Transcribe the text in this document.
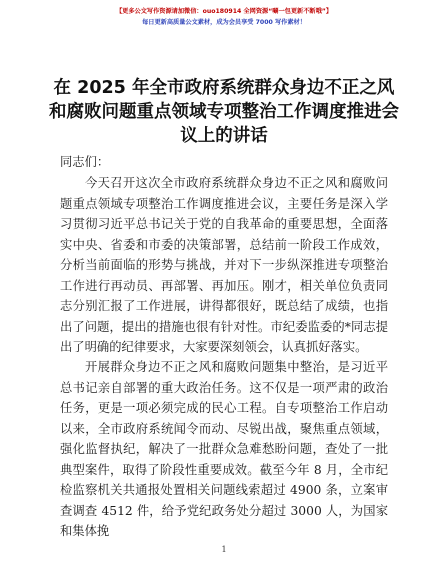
【更多公文写作资源请加微信：ouo180914 全网资源“唰一包更新不断哦”】
每日更新高质量公文素材，成为会员享受 7000 写作素材！
在 2025 年全市政府系统群众身边不正之风和腐败问题重点领域专项整治工作调度推进会议上的讲话
同志们：
今天召开这次全市政府系统群众身边不正之风和腐败问题重点领域专项整治工作调度推进会议，主要任务是深入学习贯彻习近平总书记关于党的自我革命的重要思想，全面落实中央、省委和市委的决策部署，总结前一阶段工作成效，分析当前面临的形势与挑战，并对下一步纵深推进专项整治工作进行再动员、再部署、再加压。刚才，相关单位负责同志分别汇报了工作进展，讲得都很好，既总结了成绩，也指出了问题，提出的措施也很有针对性。市纪委监委的*同志提出了明确的纪律要求，大家要深刻领会，认真抓好落实。
开展群众身边不正之风和腐败问题集中整治，是习近平总书记亲自部署的重大政治任务。这不仅是一项严肃的政治任务，更是一项必须完成的民心工程。自专项整治工作启动以来，全市政府系统闻令而动、尽锐出战，聚焦重点领域，强化监督执纪，解决了一批群众急难愁盼问题，查处了一批典型案件，取得了阶段性重要成效。截至今年 8 月，全市纪检监察机关共通报处置相关问题线索超过 4900 条，立案审查调查 4512 件，给予党纪政务处分超过 3000 人，为国家和集体挽
1
